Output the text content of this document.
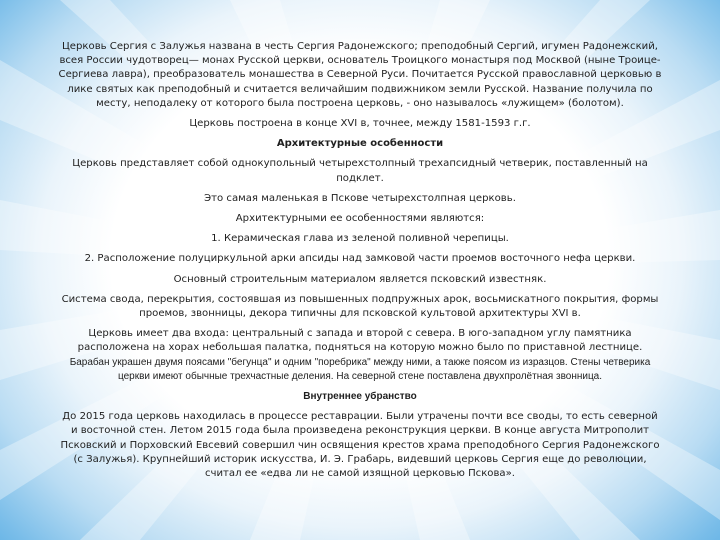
Церковь Сергия с Залужья названа в честь Сергия Радонежского; преподобный Сергий, игумен Радонежский, всея России чудотворец— монах Русской церкви, основатель Троицкого монастыря под Москвой (ныне Троице-Сергиева лавра), преобразователь монашества в Северной Руси. Почитается Русской православной церковью в лике святых как преподобный и считается величайшим подвижником земли Русской. Название получила по месту, неподалеку от которого была построена церковь, - оно называлось «лужищем» (болотом).

Церковь построена в конце XVI в, точнее, между 1581-1593 г.г.

Архитектурные особенности

Церковь представляет собой однокупольный четырехстолпный трехапсидный четверик, поставленный на подклет.

Это самая маленькая в Пскове четырехстолпная церковь.

Архитектурными ее особенностями являются:

1. Керамическая глава из зеленой поливной черепицы.

2. Расположение полуциркульной арки апсиды над замковой части проемов восточного нефа церкви.

Основный строительным материалом является псковский известняк.

Система свода, перекрытия, состоявшая из повышенных подпружных арок, восьмискатного покрытия, формы проемов, звонницы, декора типичны для псковской культовой архитектуры XVI в.

Церковь имеет два входа: центральный с запада и второй с севера. В юго-западном углу памятника расположена на хорах небольшая палатка, подняться на которую можно было по приставной лестнице. Барабан украшен двумя поясами "бегунца" и одним "поребрика" между ними, а также поясом из изразцов. Стены четверика церкви имеют обычные трехчастные деления. На северной стене поставлена двухпролётная звонница.

Внутреннее убранство

До 2015 года церковь находилась в процессе реставрации. Были утрачены почти все своды, то есть северной и восточной стен. Летом 2015 года была произведена реконструкция церкви. В конце августа Митрополит Псковский и Порховский Евсевий совершил чин освящения крестов храма преподобного Сергия Радонежского (с Залужья). Крупнейший историк искусства, И. Э. Грабарь, видевший церковь Сергия еще до революции, считал ее «едва ли не самой изящной церковью Пскова».
